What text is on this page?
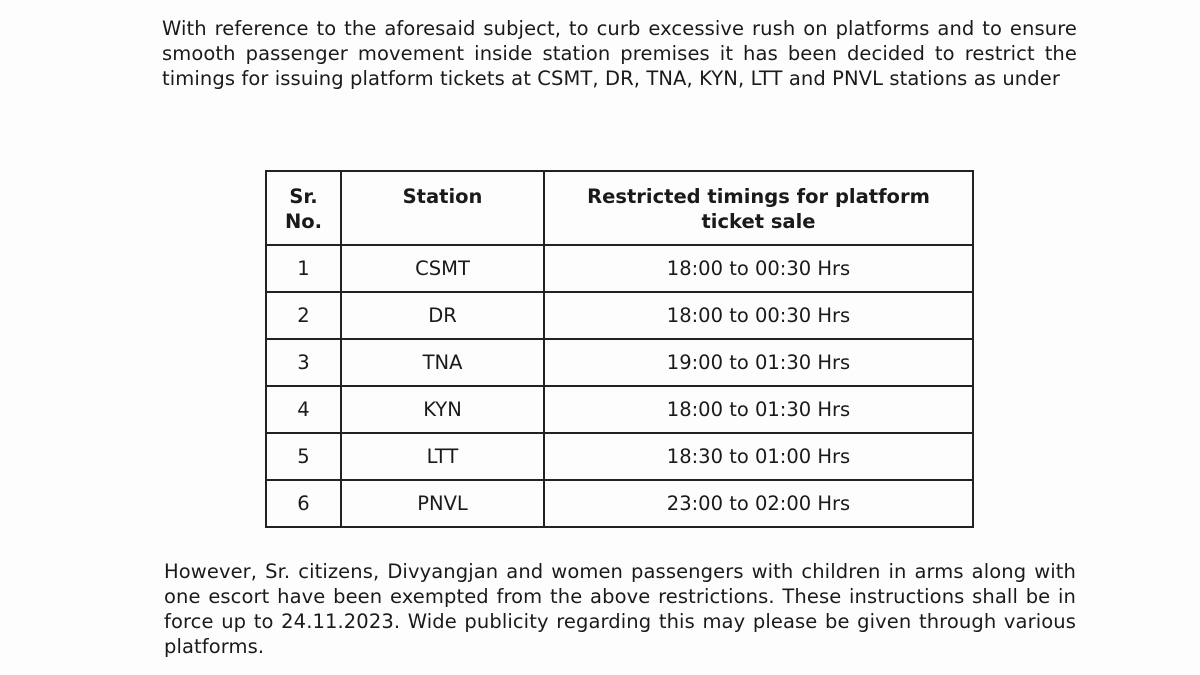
With reference to the aforesaid subject, to curb excessive rush on platforms and to ensure smooth passenger movement inside station premises it has been decided to restrict the timings for issuing platform tickets at CSMT, DR, TNA, KYN, LTT and PNVL stations as under

Sr. No.	Station	Restricted timings for platform ticket sale
1	CSMT	18:00 to 00:30 Hrs
2	DR	18:00 to 00:30 Hrs
3	TNA	19:00 to 01:30 Hrs
4	KYN	18:00 to 01:30 Hrs
5	LTT	18:30 to 01:00 Hrs
6	PNVL	23:00 to 02:00 Hrs

However, Sr. citizens, Divyangjan and women passengers with children in arms along with one escort have been exempted from the above restrictions. These instructions shall be in force up to 24.11.2023. Wide publicity regarding this may please be given through various platforms.
